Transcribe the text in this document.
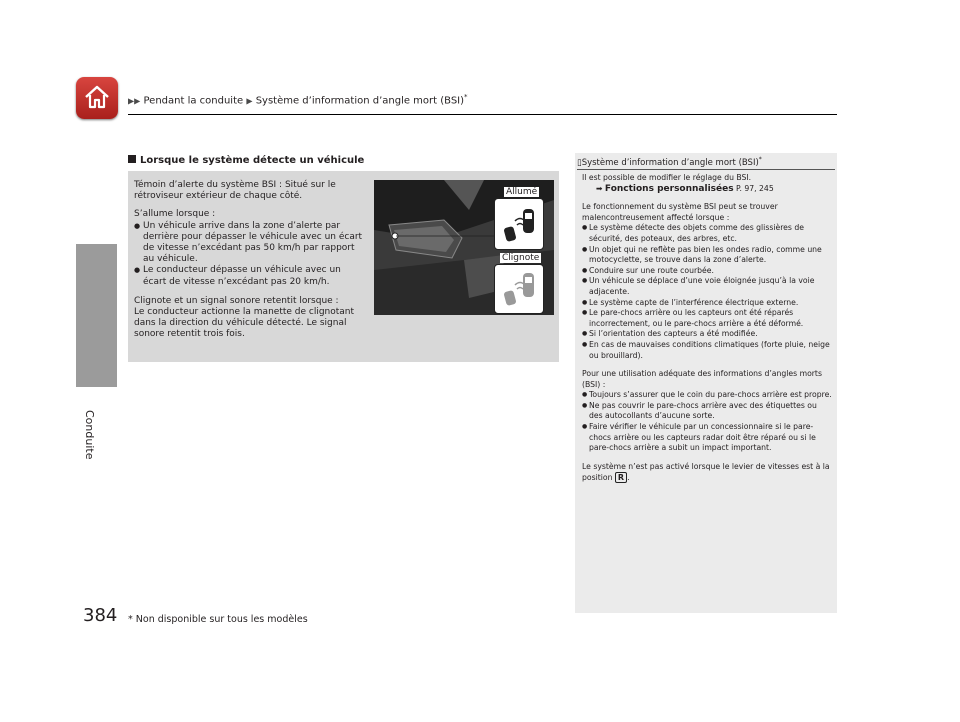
▶▶ Pendant la conduite ▶ Système d’information d’angle mort (BSI)*
Conduite
Lorsque le système détecte un véhicule

Témoin d’alerte du système BSI : Situé sur le rétroviseur extérieur de chaque côté.

S’allume lorsque :

● Un véhicule arrive dans la zone d’alerte par derrière pour dépasser le véhicule avec un écart de vitesse n’excédant pas 50 km/h par rapport au véhicule.

● Le conducteur dépasse un véhicule avec un écart de vitesse n’excédant pas 20 km/h.

Clignote et un signal sonore retentit lorsque :

Le conducteur actionne la manette de clignotant dans la direction du véhicule détecté. Le signal sonore retentit trois fois.

Allumé
Clignote
▯Système d’information d’angle mort (BSI)*

Il est possible de modifier le réglage du BSI.

➡ Fonctions personnalisées P. 97, 245

Le fonctionnement du système BSI peut se trouver malencontreusement affecté lorsque :

● Le système détecte des objets comme des glissières de sécurité, des poteaux, des arbres, etc.

● Un objet qui ne reflète pas bien les ondes radio, comme une motocyclette, se trouve dans la zone d’alerte.

● Conduire sur une route courbée.

● Un véhicule se déplace d’une voie éloignée jusqu’à la voie adjacente.

● Le système capte de l’interférence électrique externe.

● Le pare-chocs arrière ou les capteurs ont été réparés incorrectement, ou le pare-chocs arrière a été déformé.

● Si l’orientation des capteurs a été modifiée.

● En cas de mauvaises conditions climatiques (forte pluie, neige ou brouillard).

Pour une utilisation adéquate des informations d’angles morts (BSI) :

● Toujours s’assurer que le coin du pare-chocs arrière est propre.

● Ne pas couvrir le pare-chocs arrière avec des étiquettes ou des autocollants d’aucune sorte.

● Faire vérifier le véhicule par un concessionnaire si le pare-chocs arrière ou les capteurs radar doit être réparé ou si le pare-chocs arrière a subit un impact important.

Le système n’est pas activé lorsque le levier de vitesses est à la position R .

384 * Non disponible sur tous les modèles
